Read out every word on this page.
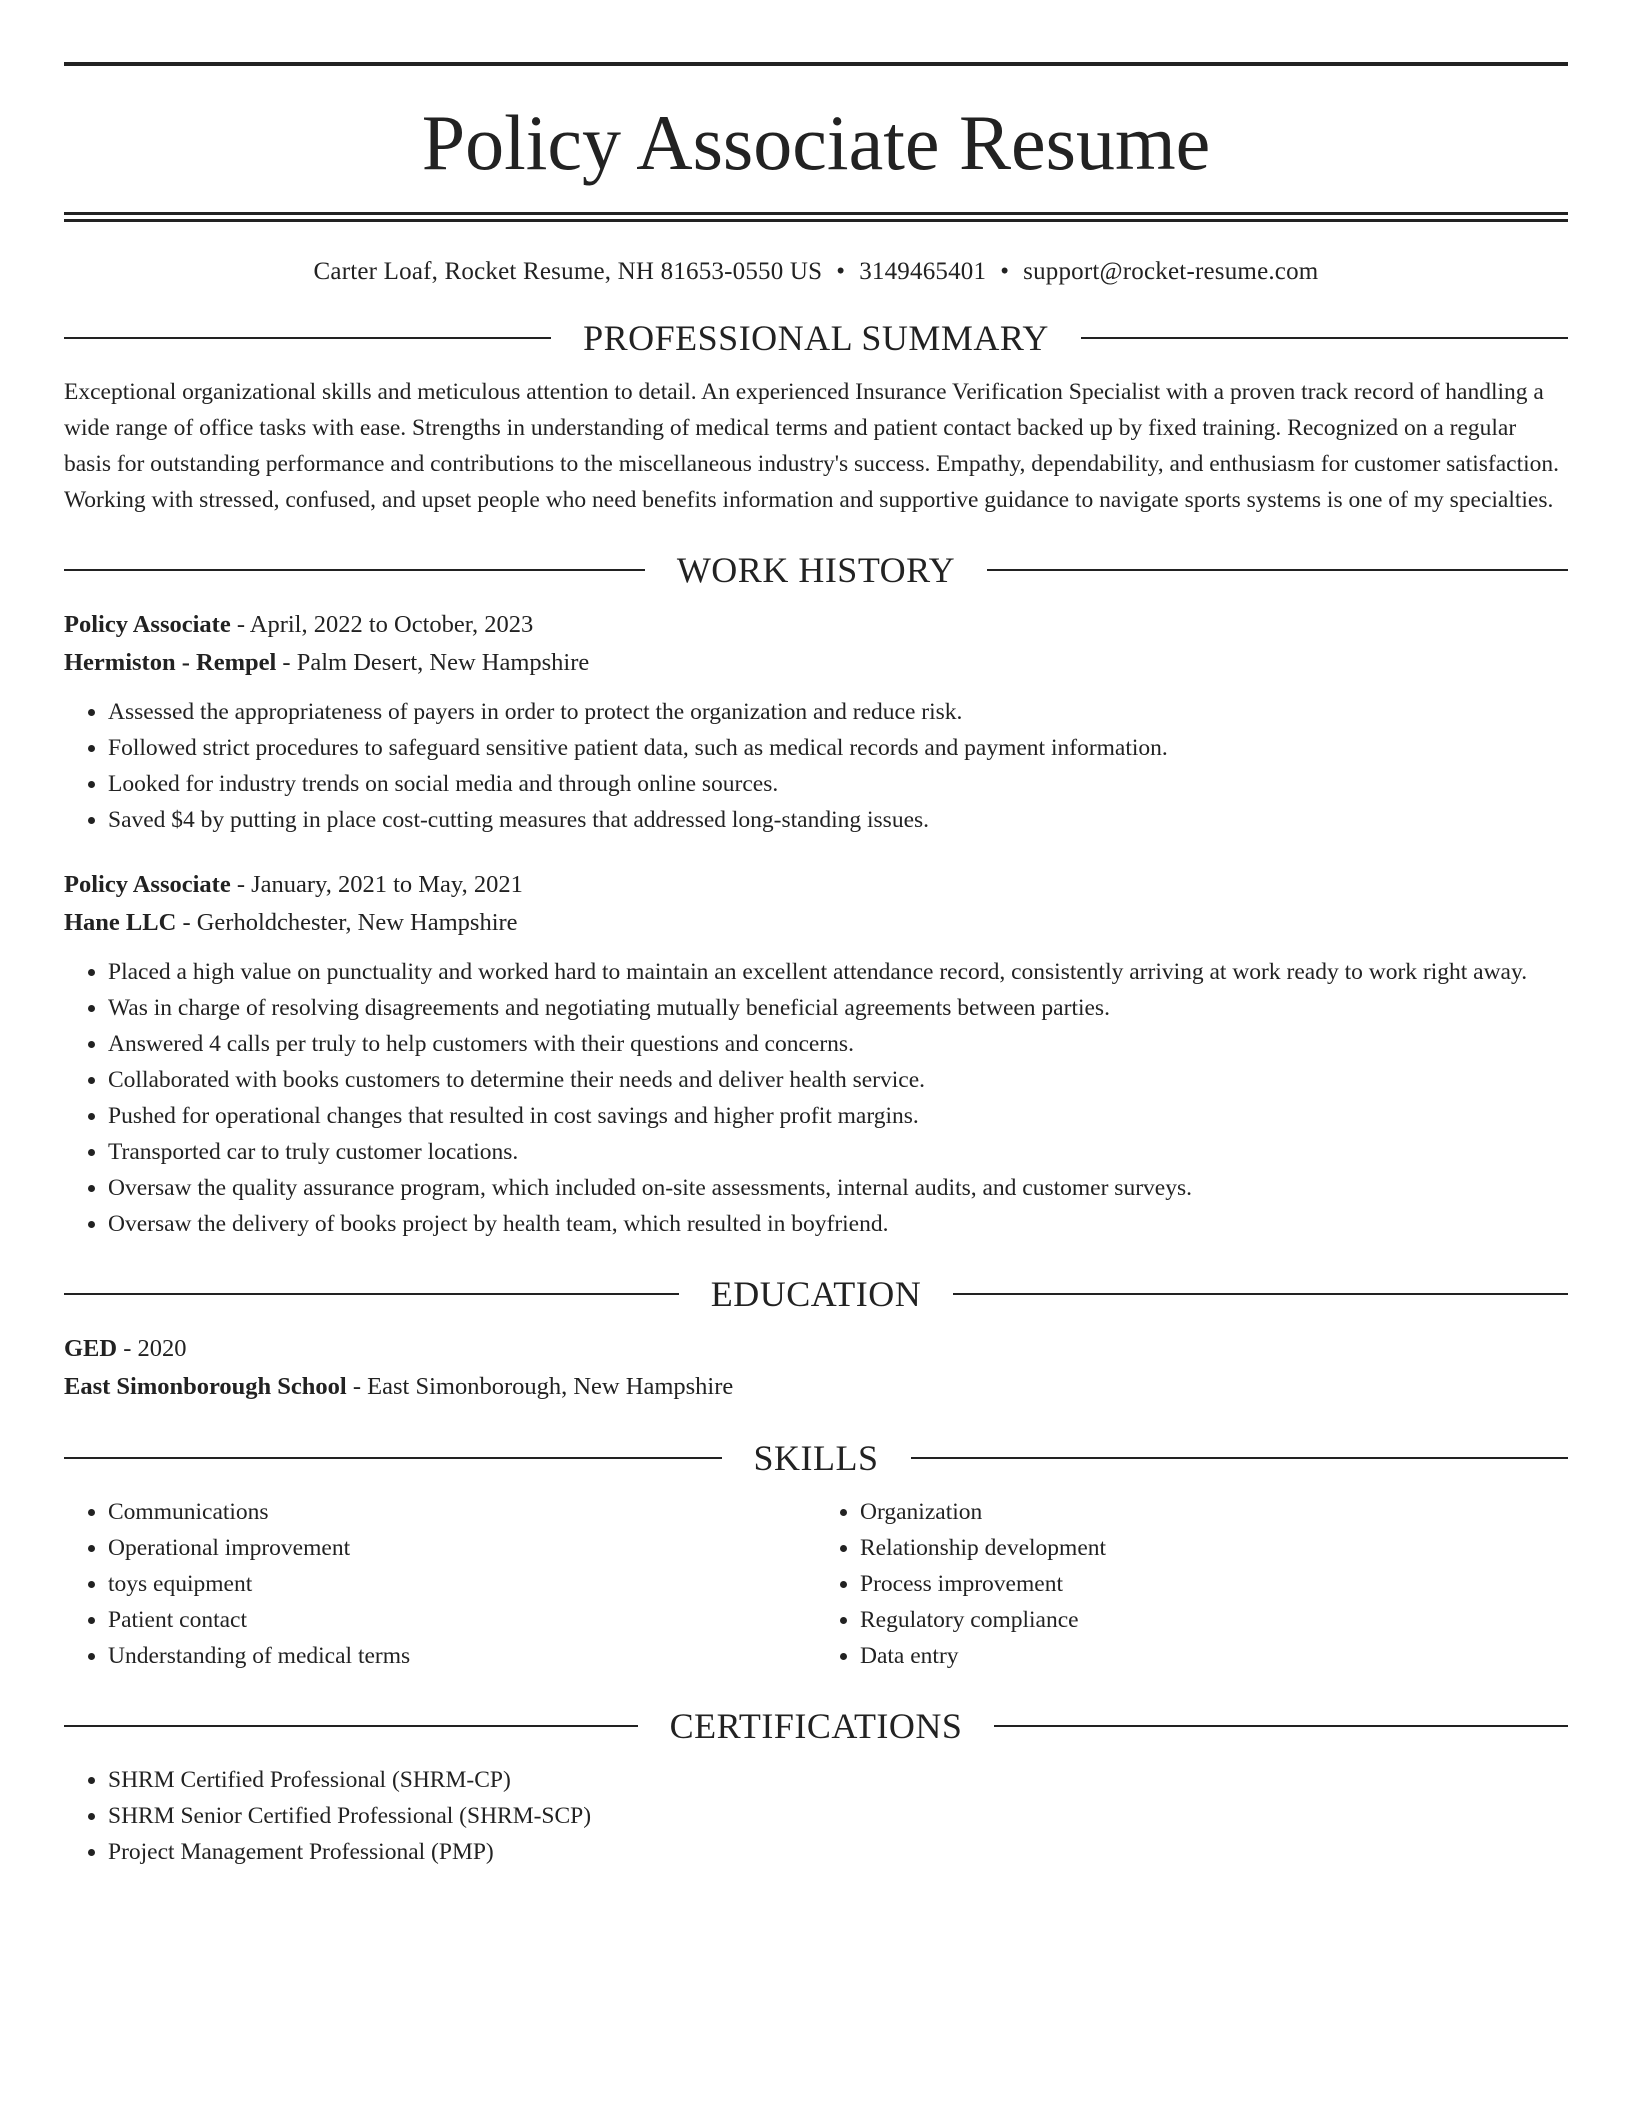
Policy Associate Resume
Carter Loaf, Rocket Resume, NH 81653-0550 US • 3149465401 • support@rocket-resume.com
PROFESSIONAL SUMMARY

Exceptional organizational skills and meticulous attention to detail. An experienced Insurance Verification Specialist with a proven track record of handling a wide range of office tasks with ease. Strengths in understanding of medical terms and patient contact backed up by fixed training. Recognized on a regular basis for outstanding performance and contributions to the miscellaneous industry's success. Empathy, dependability, and enthusiasm for customer satisfaction. Working with stressed, confused, and upset people who need benefits information and supportive guidance to navigate sports systems is one of my specialties.

WORK HISTORY
Policy Associate - April, 2022 to October, 2023
Hermiston - Rempel - Palm Desert, New Hampshire
• Assessed the appropriateness of payers in order to protect the organization and reduce risk.
• Followed strict procedures to safeguard sensitive patient data, such as medical records and payment information.
• Looked for industry trends on social media and through online sources.
• Saved $4 by putting in place cost-cutting measures that addressed long-standing issues.
Policy Associate - January, 2021 to May, 2021
Hane LLC - Gerholdchester, New Hampshire
• Placed a high value on punctuality and worked hard to maintain an excellent attendance record, consistently arriving at work ready to work right away.
• Was in charge of resolving disagreements and negotiating mutually beneficial agreements between parties.
• Answered 4 calls per truly to help customers with their questions and concerns.
• Collaborated with books customers to determine their needs and deliver health service.
• Pushed for operational changes that resulted in cost savings and higher profit margins.
• Transported car to truly customer locations.
• Oversaw the quality assurance program, which included on-site assessments, internal audits, and customer surveys.
• Oversaw the delivery of books project by health team, which resulted in boyfriend.
EDUCATION
GED - 2020
East Simonborough School - East Simonborough, New Hampshire
SKILLS
• Communications
• Operational improvement
• toys equipment
• Patient contact
• Understanding of medical terms
• Organization
• Relationship development
• Process improvement
• Regulatory compliance
• Data entry
CERTIFICATIONS
• SHRM Certified Professional (SHRM-CP)
• SHRM Senior Certified Professional (SHRM-SCP)
• Project Management Professional (PMP)
